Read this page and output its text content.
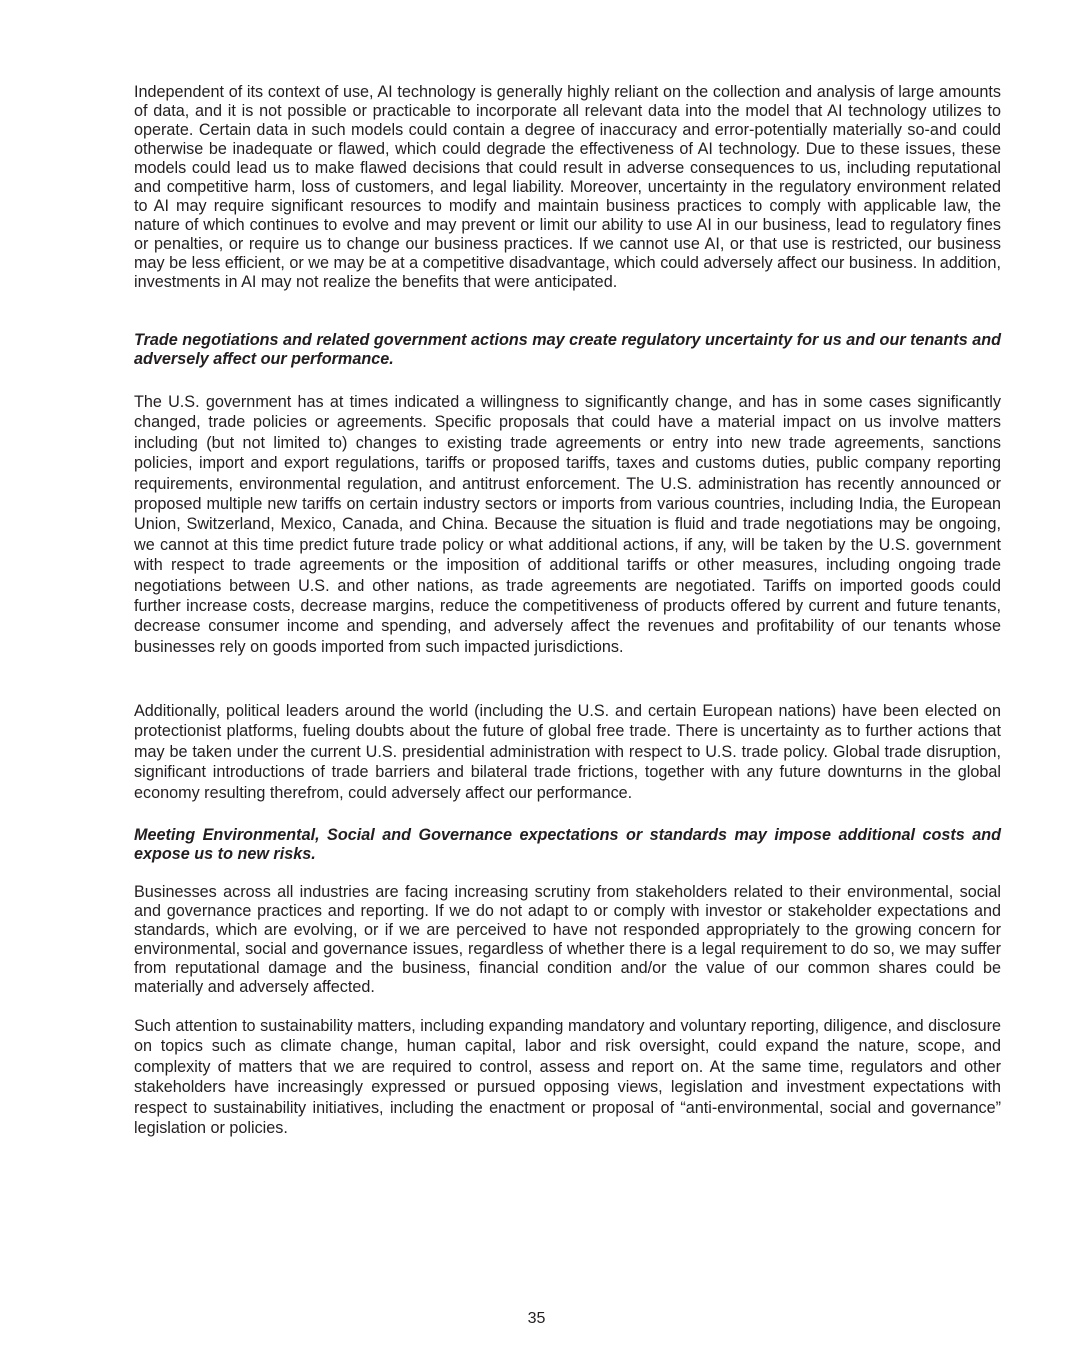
Independent of its context of use, AI technology is generally highly reliant on the collection and analysis of large amounts of data, and it is not possible or practicable to incorporate all relevant data into the model that AI technology utilizes to operate. Certain data in such models could contain a degree of inaccuracy and error-potentially materially so-and could otherwise be inadequate or flawed, which could degrade the effectiveness of AI technology. Due to these issues, these models could lead us to make flawed decisions that could result in adverse consequences to us, including reputational and competitive harm, loss of customers, and legal liability. Moreover, uncertainty in the regulatory environment related to AI may require significant resources to modify and maintain business practices to comply with applicable law, the nature of which continues to evolve and may prevent or limit our ability to use AI in our business, lead to regulatory fines or penalties, or require us to change our business practices. If we cannot use AI, or that use is restricted, our business may be less efficient, or we may be at a competitive disadvantage, which could adversely affect our business. In addition, investments in AI may not realize the benefits that were anticipated.

Trade negotiations and related government actions may create regulatory uncertainty for us and our tenants and adversely affect our performance.

The U.S. government has at times indicated a willingness to significantly change, and has in some cases significantly changed, trade policies or agreements. Specific proposals that could have a material impact on us involve matters including (but not limited to) changes to existing trade agreements or entry into new trade agreements, sanctions policies, import and export regulations, tariffs or proposed tariffs, taxes and customs duties, public company reporting requirements, environmental regulation, and antitrust enforcement. The U.S. administration has recently announced or proposed multiple new tariffs on certain industry sectors or imports from various countries, including India, the European Union, Switzerland, Mexico, Canada, and China. Because the situation is fluid and trade negotiations may be ongoing, we cannot at this time predict future trade policy or what additional actions, if any, will be taken by the U.S. government with respect to trade agreements or the imposition of additional tariffs or other measures, including ongoing trade negotiations between U.S. and other nations, as trade agreements are negotiated. Tariffs on imported goods could further increase costs, decrease margins, reduce the competitiveness of products offered by current and future tenants, decrease consumer income and spending, and adversely affect the revenues and profitability of our tenants whose businesses rely on goods imported from such impacted jurisdictions.

Additionally, political leaders around the world (including the U.S. and certain European nations) have been elected on protectionist platforms, fueling doubts about the future of global free trade. There is uncertainty as to further actions that may be taken under the current U.S. presidential administration with respect to U.S. trade policy. Global trade disruption, significant introductions of trade barriers and bilateral trade frictions, together with any future downturns in the global economy resulting therefrom, could adversely affect our performance.

Meeting Environmental, Social and Governance expectations or standards may impose additional costs and expose us to new risks.

Businesses across all industries are facing increasing scrutiny from stakeholders related to their environmental, social and governance practices and reporting. If we do not adapt to or comply with investor or stakeholder expectations and standards, which are evolving, or if we are perceived to have not responded appropriately to the growing concern for environmental, social and governance issues, regardless of whether there is a legal requirement to do so, we may suffer from reputational damage and the business, financial condition and/or the value of our common shares could be materially and adversely affected.

Such attention to sustainability matters, including expanding mandatory and voluntary reporting, diligence, and disclosure on topics such as climate change, human capital, labor and risk oversight, could expand the nature, scope, and complexity of matters that we are required to control, assess and report on. At the same time, regulators and other stakeholders have increasingly expressed or pursued opposing views, legislation and investment expectations with respect to sustainability initiatives, including the enactment or proposal of “anti-environmental, social and governance” legislation or policies.

35
